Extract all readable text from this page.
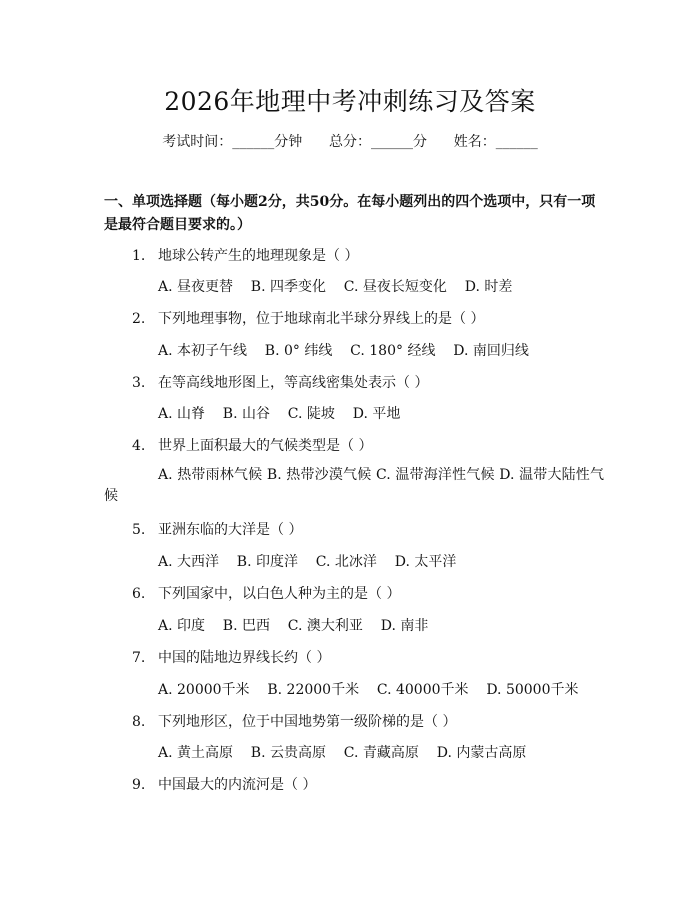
2026年地理中考冲刺练习及答案
考试时间：______分钟      总分：______分      姓名：______
一、单项选择题（每小题2分，共50分。在每小题列出的四个选项中，只有一项是最符合题目要求的。）
1. 地球公转产生的地理现象是（ ）
A. 昼夜更替    B. 四季变化    C. 昼夜长短变化    D. 时差
2. 下列地理事物，位于地球南北半球分界线上的是（ ）
A. 本初子午线    B. 0° 纬线    C. 180° 经线    D. 南回归线
3. 在等高线地形图上，等高线密集处表示（ ）
A. 山脊    B. 山谷    C. 陡坡    D. 平地
4. 世界上面积最大的气候类型是（ ）
A. 热带雨林气候 B. 热带沙漠气候 C. 温带海洋性气候 D. 温带大陆性气候
5. 亚洲东临的大洋是（ ）
A. 大西洋    B. 印度洋    C. 北冰洋    D. 太平洋
6. 下列国家中，以白色人种为主的是（ ）
A. 印度    B. 巴西    C. 澳大利亚    D. 南非
7. 中国的陆地边界线长约（ ）
A. 20000千米    B. 22000千米    C. 40000千米    D. 50000千米
8. 下列地形区，位于中国地势第一级阶梯的是（ ）
A. 黄土高原    B. 云贵高原    C. 青藏高原    D. 内蒙古高原
9. 中国最大的内流河是（ ）
